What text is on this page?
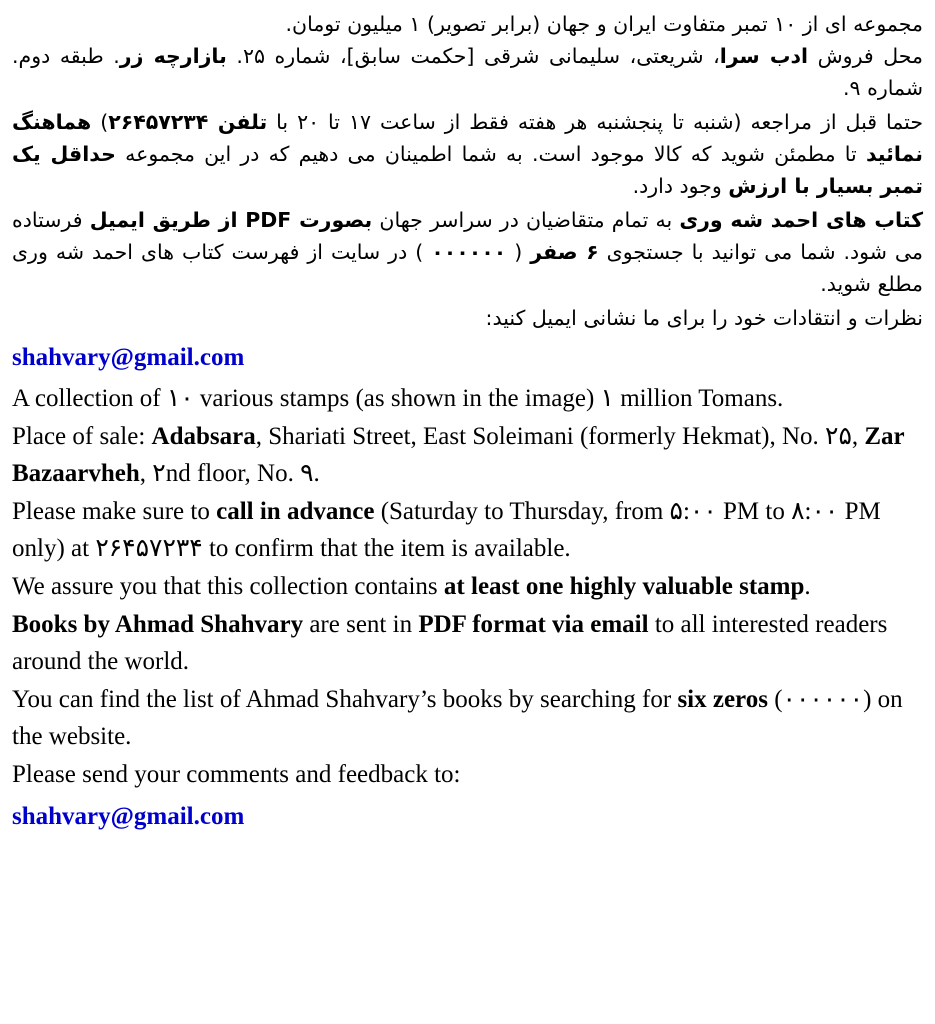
مجموعه ای از ۱۰ تمبر متفاوت ایران و جهان (برابر تصویر) ۱ میلیون تومان.

محل فروش ادب سرا، شریعتی، سلیمانی شرقی [حکمت سابق]، شماره ۲۵. بازارچه زر. طبقه دوم. شماره ۹.

حتما قبل از مراجعه (شنبه تا پنجشنبه هر هفته فقط از ساعت ۱۷ تا ۲۰ با تلفن ۲۶۴۵۷۲۳۴) هماهنگ نمائید تا مطمئن شوید که کالا موجود است. به شما اطمینان می دهیم که در این مجموعه حداقل یک تمبر بسیار با ارزش وجود دارد.

کتاب های احمد شه وری به تمام متقاضیان در سراسر جهان بصورت PDF از طریق ایمیل فرستاده می شود. شما می توانید با جستجوی ۶ صفر ( ۰۰۰۰۰۰ ) در سایت از فهرست کتاب های احمد شه وری مطلع شوید.

نظرات و انتقادات خود را برای ما نشانی ایمیل کنید:

shahvary@gmail.com

A collection of ۱۰ various stamps (as shown in the image) ۱ million Tomans.

Place of sale: Adabsara, Shariati Street, East Soleimani (formerly Hekmat), No. ۲۵, Zar Bazaarvheh, ۲nd floor, No. ۹.

Please make sure to call in advance (Saturday to Thursday, from ۵:۰۰ PM to ۸:۰۰ PM only) at ۲۶۴۵۷۲۳۴ to confirm that the item is available.

We assure you that this collection contains at least one highly valuable stamp.

Books by Ahmad Shahvary are sent in PDF format via email to all interested readers around the world.

You can find the list of Ahmad Shahvary’s books by searching for six zeros (۰۰۰۰۰۰) on the website.

Please send your comments and feedback to:

shahvary@gmail.com
